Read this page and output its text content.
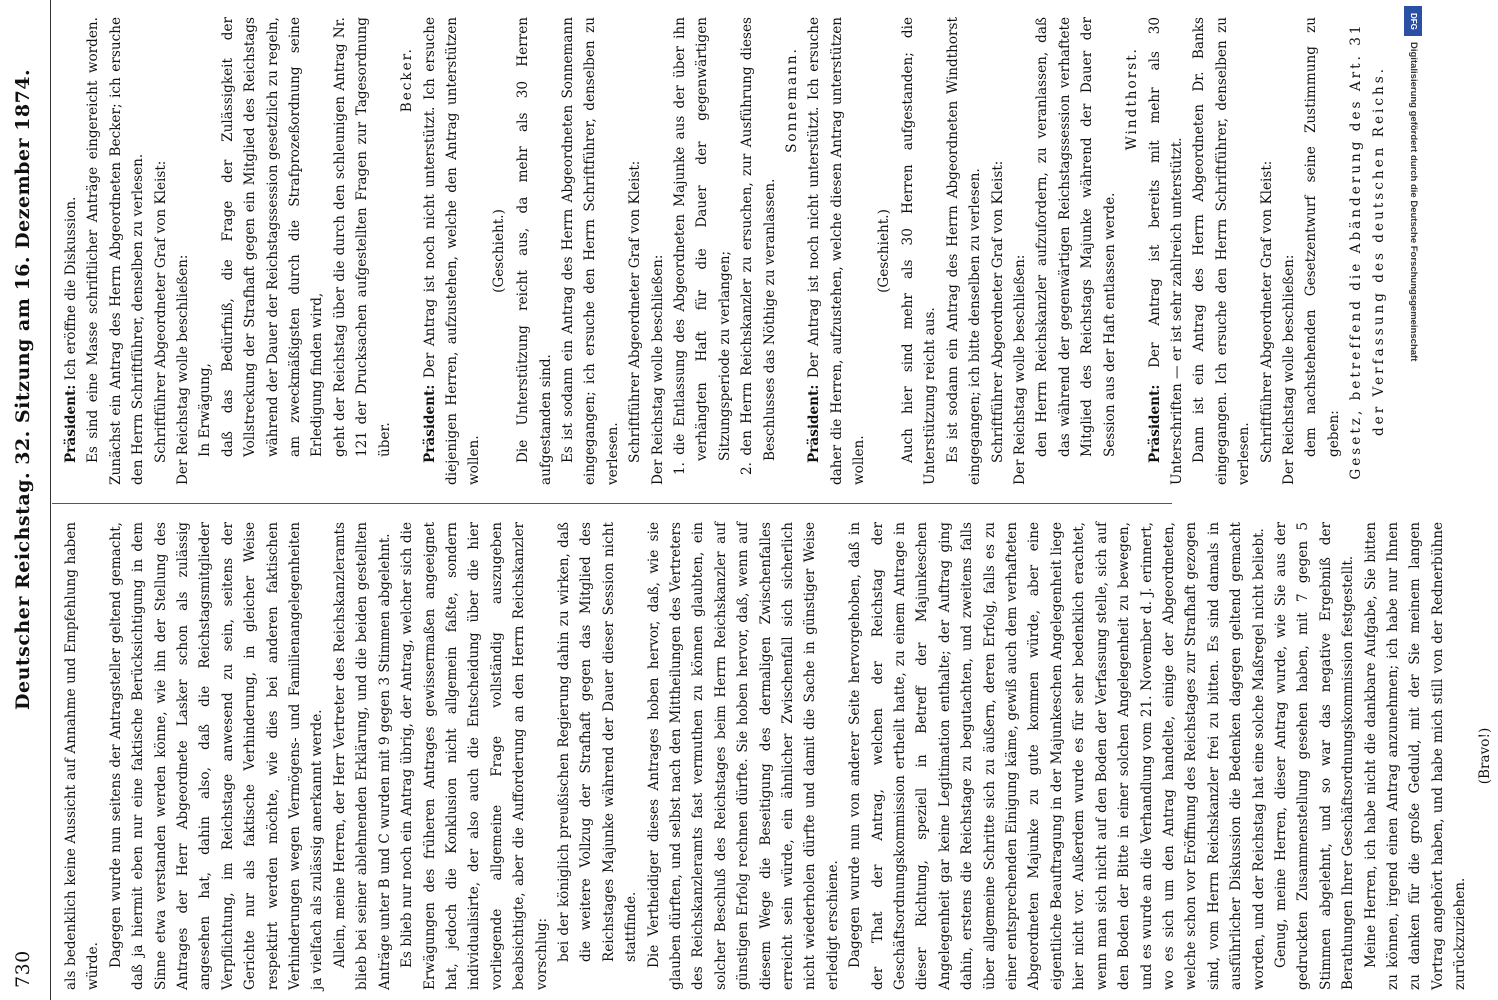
730
Deutscher Reichstag. 32. Sitzung am 16. Dezember 1874.

als bedenklich keine Aussicht auf Annahme und Empfehlung haben würde. Dagegen wurde nun seitens der Antragsteller geltend gemacht, daß ja hiermit eben nur eine faktische Berücksichtigung in dem Sinne etwa verstanden werden könne, wie ihn der Stellung des Antrages der Herr Abgeordnete Lasker schon als zulässig angesehen hat, dahin also, daß die Reichstagsmitglieder Verpflichtung, im Reichstage anwesend zu sein, seitens der Gerichte nur als faktische Verhinderung, in gleicher Weise respektirt werden möchte, wie dies bei anderen faktischen Verhinderungen wegen Vermögens- und Familienangelegenheiten ja vielfach als zulässig anerkannt werde. Allein, meine Herren, der Herr Vertreter des Reichskanzleramts blieb bei seiner ablehnenden Erklärung, und die beiden gestellten Anträge unter B und C wurden mit 9 gegen 3 Stimmen abgelehnt. Es blieb nur noch ein Antrag übrig, der Antrag, welcher sich die Erwägungen des früheren Antrages gewissermaßen angeeignet hat, jedoch die Konklusion nicht allgemein faßte, sondern individualisirte, der also auch die Entscheidung über die hier vorliegende allgemeine Frage vollständig auszugeben beabsichtigte, aber die Aufforderung an den Herrn Reichskanzler vorschlug: bei der königlich preußischen Regierung dahin zu wirken, daß die weitere Vollzug der Strafhaft gegen das Mitglied des Reichstages Majunke während der Dauer dieser Session nicht stattfinde. Die Vertheidiger dieses Antrages hoben hervor, daß, wie sie glauben dürften, und selbst nach den Mittheilungen des Vertreters des Reichskanzleramts fast vermuthen zu können glaubten, ein solcher Beschluß des Reichstages beim Herrn Reichskanzler auf günstigen Erfolg rechnen dürfte. Sie hoben hervor, daß, wenn auf diesem Wege die Beseitigung des dermaligen Zwischenfalles erreicht sein würde, ein ähnlicher Zwischenfall sich sicherlich nicht wiederholen dürfte und damit die Sache in günstiger Weise erledigt erschiene. Dagegen wurde nun von anderer Seite hervorgehoben, daß in der That der Antrag, welchen der Reichstag der Geschäftsordnungskommission ertheilt hatte, zu einem Antrage in dieser Richtung, speziell in Betreff der Majunkeschen Angelegenheit gar keine Legitimation enthalte; der Auftrag ging dahin, erstens die Reichstage zu begutachten, und zweitens falls über allgemeine Schritte sich zu äußern, deren Erfolg, falls es zu einer entsprechenden Einigung käme, gewiß auch dem verhafteten Abgeordneten Majunke zu gute kommen würde, aber eine eigentliche Beauftragung in der Majunkeschen Angelegenheit liege hier nicht vor. Außerdem wurde es für sehr bedenklich erachtet, wenn man sich nicht auf den Boden der Verfassung stelle, sich auf den Boden der Bitte in einer solchen Angelegenheit zu bewegen, und es wurde an die Verhandlung vom 21. November d. J. erinnert, wo es sich um den Antrag handelte, einige der Abgeordneten, welche schon vor Eröffnung des Reichstages zur Strafhaft gezogen sind, vom Herrn Reichskanzler frei zu bitten. Es sind damals in ausführlicher Diskussion die Bedenken dagegen geltend gemacht worden, und der Reichstag hat eine solche Maßregel nicht beliebt. Genug, meine Herren, dieser Antrag wurde, wie Sie aus der gedruckten Zusammenstellung gesehen haben, mit 7 gegen 5 Stimmen abgelehnt, und so war das negative Ergebniß der Berathungen Ihrer Geschäftsordnungskommission festgestellt. Meine Herren, ich habe nicht die dankbare Aufgabe, Sie bitten zu können, irgend einen Antrag anzunehmen; ich habe nur Ihnen zu danken für die große Geduld, mit der Sie meinem langen Vortrag angehört haben, und habe mich still von der Rednerbühne zurückzuziehen.

(Bravo!)

Präsident: Ich eröffne die Diskussion. Es sind eine Masse schriftlicher Anträge eingereicht worden. Zunächst ein Antrag des Herrn Abgeordneten Becker; ich ersuche den Herrn Schriftführer, denselben zu verlesen. Schriftführer Abgeordneter Graf von Kleist: Der Reichstag wolle beschließen: In Erwägung, daß das Bedürfniß, die Frage der Zulässigkeit der Vollstreckung der Strafhaft gegen ein Mitglied des Reichstags während der Dauer der Reichstagssession gesetzlich zu regeln, am zweckmäßigsten durch die Strafprozeßordnung seine Erledigung finden wird, geht der Reichstag über die durch den schleunigen Antrag Nr. 121 der Drucksachen aufgestellten Fragen zur Tagesordnung über.

Becker.

Präsident: Der Antrag ist noch nicht unterstützt. Ich ersuche diejenigen Herren, aufzustehen, welche den Antrag unterstützen wollen.

(Geschieht.) Die Unterstützung reicht aus, da mehr als 30 Herren aufgestanden sind. Es ist sodann ein Antrag des Herrn Abgeordneten Sonnemann eingegangen; ich ersuche den Herrn Schriftführer, denselben zu verlesen. Schriftführer Abgeordneter Graf von Kleist: Der Reichstag wolle beschließen: 1. die Entlassung des Abgeordneten Majunke aus der über ihn verhängten Haft für die Dauer der gegenwärtigen Sitzungsperiode zu verlangen; 2. den Herrn Reichskanzler zu ersuchen, zur Ausführung dieses Beschlusses das Nöthige zu veranlassen.

Sonnemann.

Präsident: Der Antrag ist noch nicht unterstützt. Ich ersuche daher die Herren, aufzustehen, welche diesen Antrag unterstützen wollen.

(Geschieht.) Auch hier sind mehr als 30 Herren aufgestanden; die Unterstützung reicht aus. Es ist sodann ein Antrag des Herrn Abgeordneten Windthorst eingegangen; ich bitte denselben zu verlesen. Schriftführer Abgeordneter Graf von Kleist: Der Reichstag wolle beschließen: den Herrn Reichskanzler aufzufordern, zu veranlassen, daß das während der gegenwärtigen Reichstagssession verhaftete Mitglied des Reichstags Majunke während der Dauer der Session aus der Haft entlassen werde.

Windthorst.

Präsident: Der Antrag ist bereits mit mehr als 30 Unterschriften — er ist sehr zahlreich unterstützt. Dann ist ein Antrag des Herrn Abgeordneten Dr. Banks eingegangen. Ich ersuche den Herrn Schriftführer, denselben zu verlesen. Schriftführer Abgeordneter Graf von Kleist: Der Reichstag wolle beschließen: dem nachstehenden Gesetzentwurf seine Zustimmung zu geben: Gesetz, betreffend die Abänderung des Art. 31 der Verfassung des deutschen Reichs.

DFG
Digitalisierung gefördert durch die Deutsche Forschungsgemeinschaft
